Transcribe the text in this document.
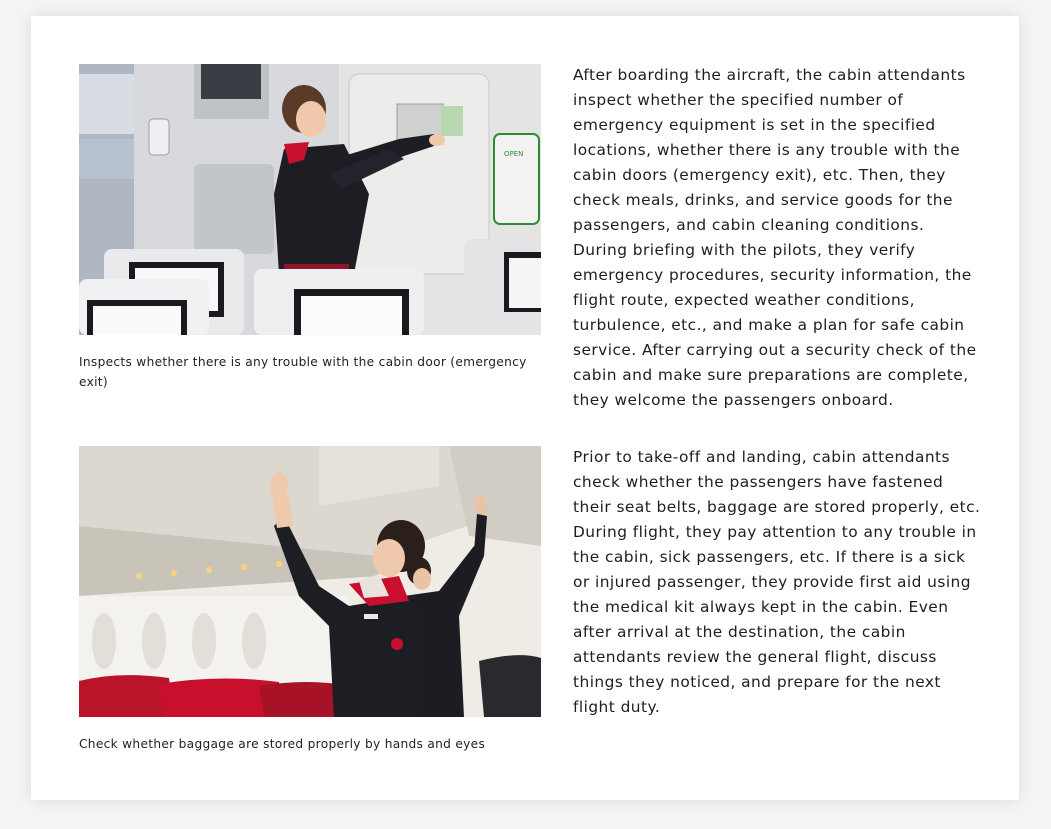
OPEN
Inspects whether there is any trouble with the cabin door (emergency exit)

After boarding the aircraft, the cabin attendants inspect whether the specified number of emergency equipment is set in the specified locations, whether there is any trouble with the cabin doors (emergency exit), etc. Then, they check meals, drinks, and service goods for the passengers, and cabin cleaning conditions. During briefing with the pilots, they verify emergency procedures, security information, the flight route, expected weather conditions, turbulence, etc., and make a plan for safe cabin service. After carrying out a security check of the cabin and make sure preparations are complete, they welcome the passengers onboard.

Check whether baggage are stored properly by hands and eyes

Prior to take-off and landing, cabin attendants check whether the passengers have fastened their seat belts, baggage are stored properly, etc. During flight, they pay attention to any trouble in the cabin, sick passengers, etc. If there is a sick or injured passenger, they provide first aid using the medical kit always kept in the cabin. Even after arrival at the destination, the cabin attendants review the general flight, discuss things they noticed, and prepare for the next flight duty.
